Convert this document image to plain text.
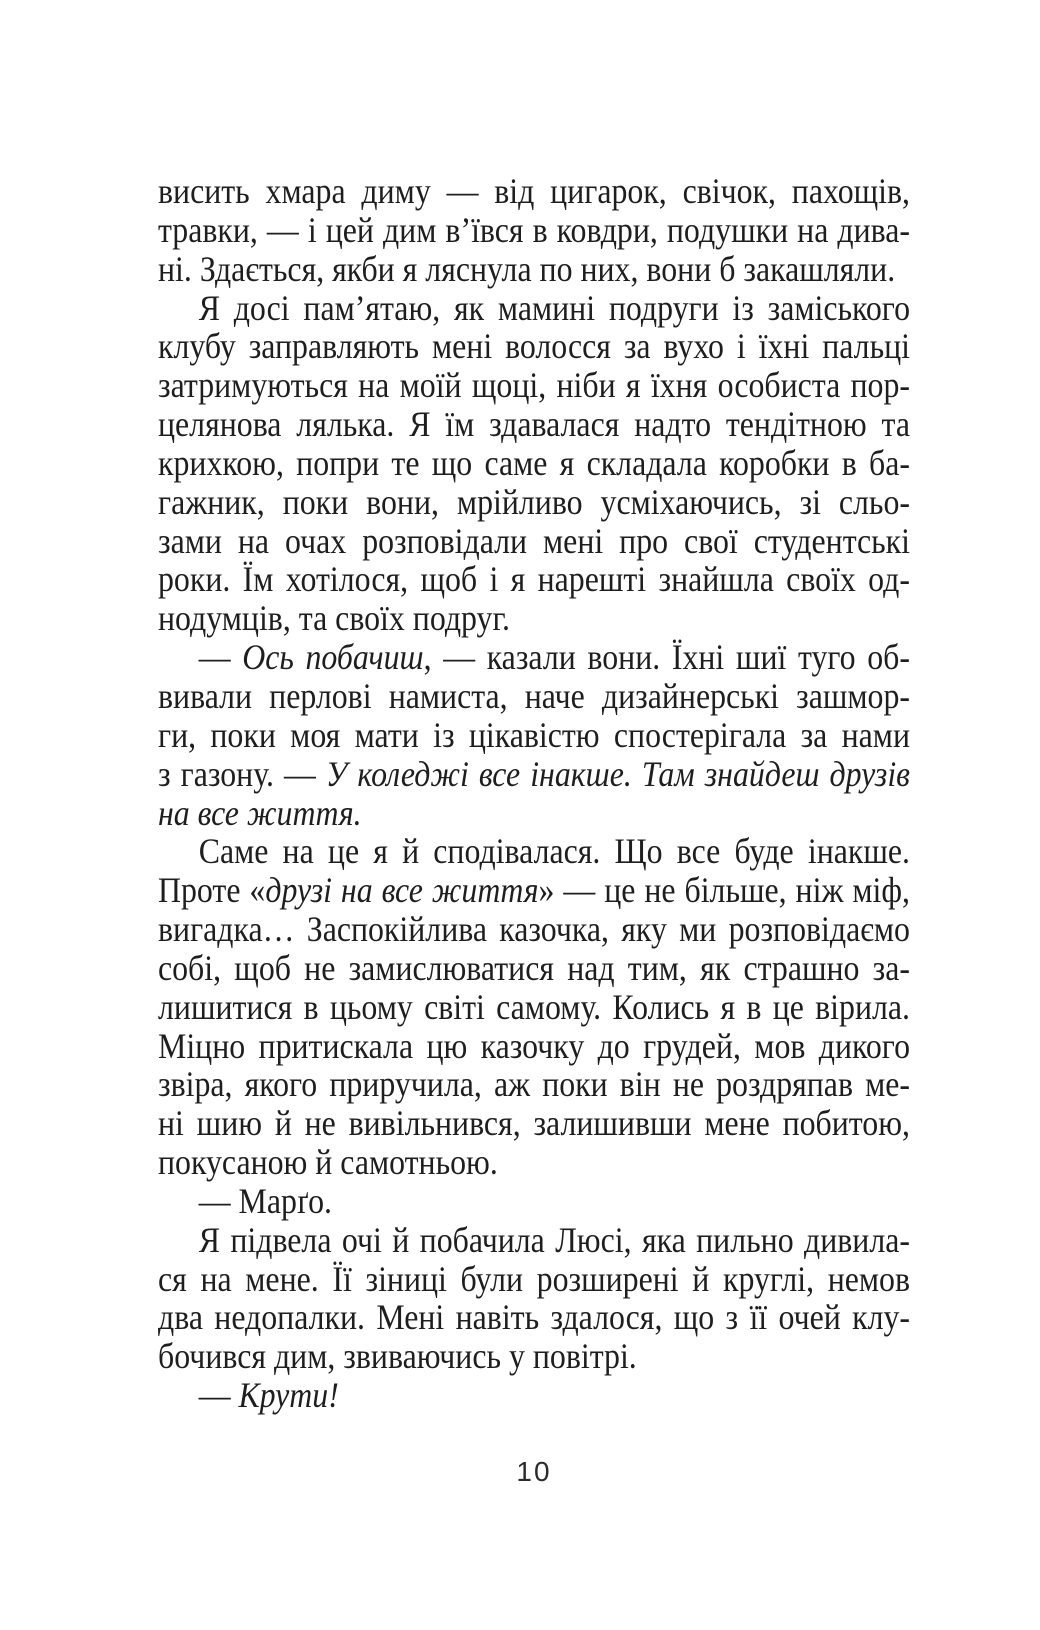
висить хмара диму — від цигарок, свічок, пахощів,
травки, — і цей дим в’ївся в ковдри, подушки на дива-
ні. Здається, якби я ляснула по них, вони б закашляли.
Я досі пам’ятаю, як мамині подруги із заміського
клубу заправляють мені волосся за вухо і їхні пальці
затримуються на моїй щоці, ніби я їхня особиста пор-
целянова лялька. Я їм здавалася надто тендітною та
крихкою, попри те що саме я складала коробки в ба-
гажник, поки вони, мрійливо усміхаючись, зі сльо-
зами на очах розповідали мені про свої студентські
роки. Їм хотілося, щоб і я нарешті знайшла своїх од-
нодумців, та своїх подруг.
— Ось побачиш, — казали вони. Їхні шиї туго об-
вивали перлові намиста, наче дизайнерські зашмор-
ги, поки моя мати із цікавістю спостерігала за нами
з газону. — У коледжі все інакше. Там знайдеш друзів
на все життя.
Саме на це я й сподівалася. Що все буде інакше.
Проте «друзі на все життя» — це не більше, ніж міф,
вигадка… Заспокійлива казочка, яку ми розповідаємо
собі, щоб не замислюватися над тим, як страшно за-
лишитися в цьому світі самому. Колись я в це вірила.
Міцно притискала цю казочку до грудей, мов дикого
звіра, якого приручила, аж поки він не роздряпав ме-
ні шию й не вивільнився, залишивши мене побитою,
покусаною й самотньою.
— Марґо.
Я підвела очі й побачила Люсі, яка пильно дивила-
ся на мене. Її зіниці були розширені й круглі, немов
два недопалки. Мені навіть здалося, що з її очей клу-
бочився дим, звиваючись у повітрі.
— Крути!
10
